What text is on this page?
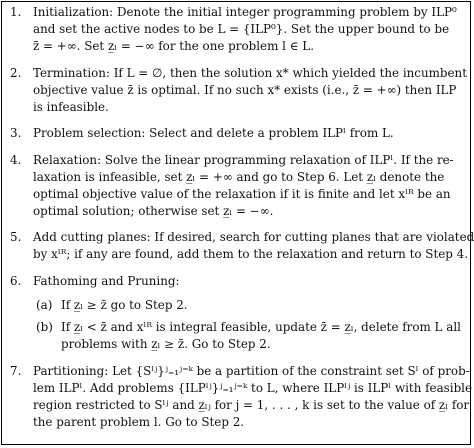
1. Initialization: Denote the initial integer programming problem by ILP⁰
and set the active nodes to be L = {ILP⁰}. Set the upper bound to be
z̄ = +∞. Set z̲ₗ = −∞ for the one problem l ∈ L.
2. Termination: If L = ∅, then the solution x* which yielded the incumbent
objective value z̄ is optimal. If no such x* exists (i.e., z̄ = +∞) then ILP
is infeasible.
3. Problem selection: Select and delete a problem ILPˡ from L.
4. Relaxation: Solve the linear programming relaxation of ILPˡ. If the re-
laxation is infeasible, set z̲ₗ = +∞ and go to Step 6. Let z̲ₗ denote the
optimal objective value of the relaxation if it is finite and let xˡᴿ be an
optimal solution; otherwise set z̲ₗ = −∞.
5. Add cutting planes: If desired, search for cutting planes that are violated
by xˡᴿ; if any are found, add them to the relaxation and return to Step 4.
6. Fathoming and Pruning:
(a) If z̲ₗ ≥ z̄ go to Step 2.
(b) If z̲ₗ < z̄ and xˡᴿ is integral feasible, update z̄ = z̲ₗ, delete from L all
problems with z̲ₗ ≥ z̄. Go to Step 2.
7. Partitioning: Let {Sˡʲ}ʲ₌₁ʲ⁼ᵏ be a partition of the constraint set Sˡ of prob-
lem ILPˡ. Add problems {ILPˡʲ}ʲ₌₁ʲ⁼ᵏ to L, where ILPˡʲ is ILPˡ with feasible
region restricted to Sˡʲ and z̲ₗⱼ for j = 1, . . . , k is set to the value of z̲ₗ for
the parent problem l. Go to Step 2.
